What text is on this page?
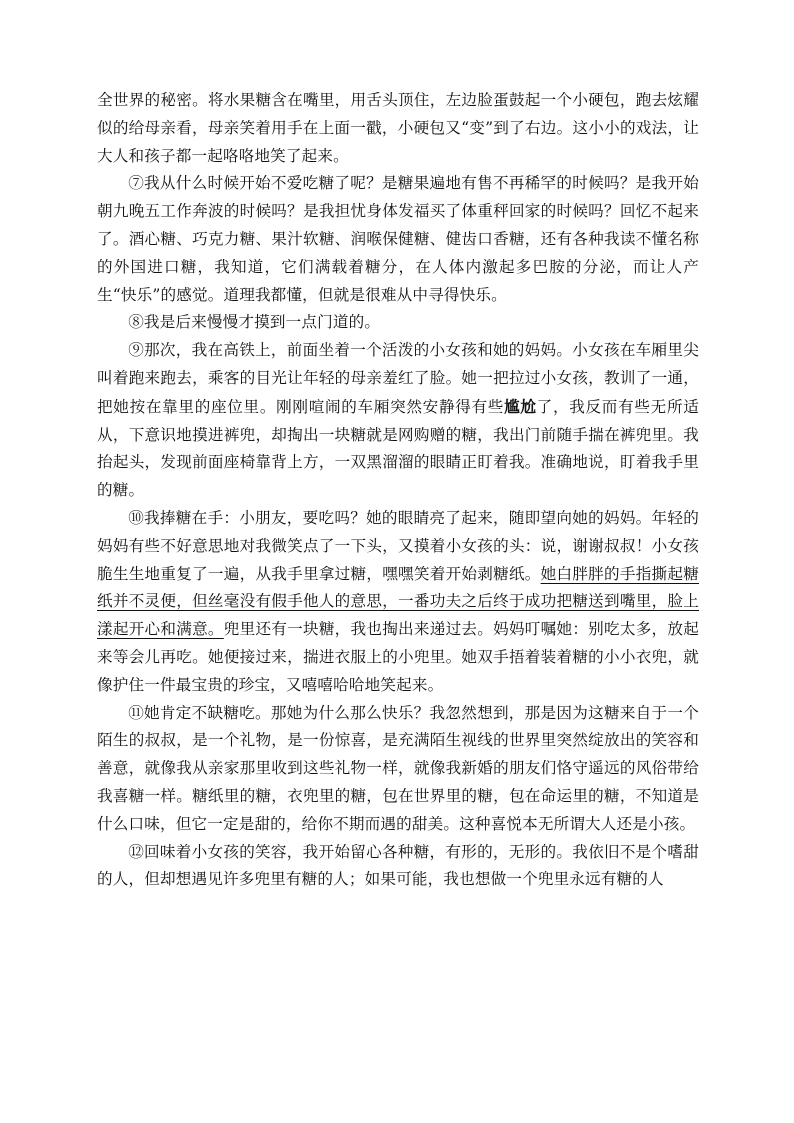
全世界的秘密。将水果糖含在嘴里，用舌头顶住，左边脸蛋鼓起一个小硬包，跑去炫耀似的给母亲看，母亲笑着用手在上面一戳，小硬包又“变”到了右边。这小小的戏法，让大人和孩子都一起咯咯地笑了起来。

⑦我从什么时候开始不爱吃糖了呢？是糖果遍地有售不再稀罕的时候吗？是我开始朝九晚五工作奔波的时候吗？是我担忧身体发福买了体重秤回家的时候吗？回忆不起来了。酒心糖、巧克力糖、果汁软糖、润喉保健糖、健齿口香糖，还有各种我读不懂名称的外国进口糖，我知道，它们满载着糖分，在人体内激起多巴胺的分泌，而让人产生“快乐”的感觉。道理我都懂，但就是很难从中寻得快乐。

⑧我是后来慢慢才摸到一点门道的。

⑨那次，我在高铁上，前面坐着一个活泼的小女孩和她的妈妈。小女孩在车厢里尖叫着跑来跑去，乘客的目光让年轻的母亲羞红了脸。她一把拉过小女孩，教训了一通，把她按在靠里的座位里。刚刚喧闹的车厢突然安静得有些尴尬了，我反而有些无所适从，下意识地摸进裤兜，却掏出一块糖就是网购赠的糖，我出门前随手揣在裤兜里。我抬起头，发现前面座椅靠背上方，一双黑溜溜的眼睛正盯着我。准确地说，盯着我手里的糖。

⑩我捧糖在手：小朋友，要吃吗？她的眼睛亮了起来，随即望向她的妈妈。年轻的妈妈有些不好意思地对我微笑点了一下头，又摸着小女孩的头：说，谢谢叔叔！小女孩脆生生地重复了一遍，从我手里拿过糖，嘿嘿笑着开始剥糖纸。她白胖胖的手指撕起糖纸并不灵便，但丝毫没有假手他人的意思，一番功夫之后终于成功把糖送到嘴里，脸上漾起开心和满意。兜里还有一块糖，我也掏出来递过去。妈妈叮嘱她：别吃太多，放起来等会儿再吃。她便接过来，揣进衣服上的小兜里。她双手捂着装着糖的小小衣兜，就像护住一件最宝贵的珍宝，又嘻嘻哈哈地笑起来。

⑪她肯定不缺糖吃。那她为什么那么快乐？我忽然想到，那是因为这糖来自于一个陌生的叔叔，是一个礼物，是一份惊喜，是充满陌生视线的世界里突然绽放出的笑容和善意，就像我从亲家那里收到这些礼物一样，就像我新婚的朋友们恪守遥远的风俗带给我喜糖一样。糖纸里的糖，衣兜里的糖，包在世界里的糖，包在命运里的糖，不知道是什么口味，但它一定是甜的，给你不期而遇的甜美。这种喜悦本无所谓大人还是小孩。

⑫回味着小女孩的笑容，我开始留心各种糖，有形的，无形的。我依旧不是个嗜甜的人，但却想遇见许多兜里有糖的人；如果可能，我也想做一个兜里永远有糖的人
